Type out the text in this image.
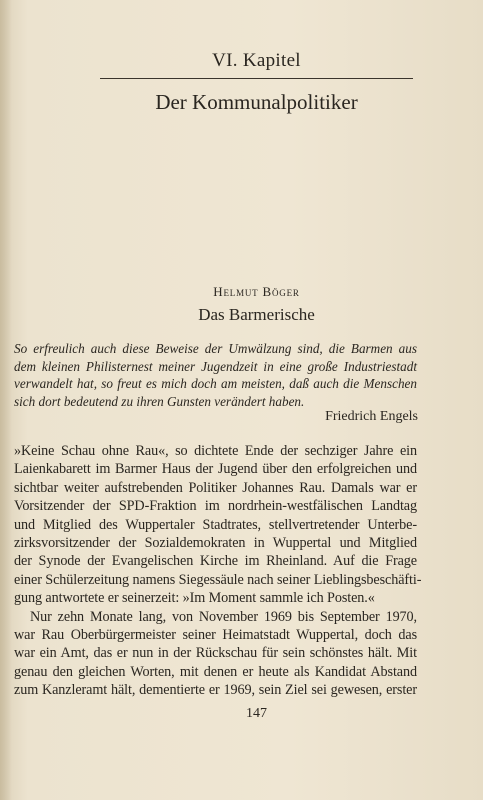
VI. Kapitel
Der Kommunalpolitiker
Helmut Böger
Das Barmerische
So erfreulich auch diese Beweise der Umwälzung sind, die Barmen aus
dem kleinen Philisternest meiner Jugendzeit in eine große Industriestadt
verwandelt hat, so freut es mich doch am meisten, daß auch die Menschen
sich dort bedeutend zu ihren Gunsten verändert haben.
Friedrich Engels
»Keine Schau ohne Rau«, so dichtete Ende der sechziger Jahre ein
Laienkabarett im Barmer Haus der Jugend über den erfolgreichen und
sichtbar weiter aufstrebenden Politiker Johannes Rau. Damals war er
Vorsitzender der SPD-Fraktion im nordrhein-westfälischen Landtag
und Mitglied des Wuppertaler Stadtrates, stellvertretender Unterbe-
zirksvorsitzender der Sozialdemokraten in Wuppertal und Mitglied
der Synode der Evangelischen Kirche im Rheinland. Auf die Frage
einer Schülerzeitung namens Siegessäule nach seiner Lieblingsbeschäfti-
gung antwortete er seinerzeit: »Im Moment sammle ich Posten.«
Nur zehn Monate lang, von November 1969 bis September 1970,
war Rau Oberbürgermeister seiner Heimatstadt Wuppertal, doch das
war ein Amt, das er nun in der Rückschau für sein schönstes hält. Mit
genau den gleichen Worten, mit denen er heute als Kandidat Abstand
zum Kanzleramt hält, dementierte er 1969, sein Ziel sei gewesen, erster
147
